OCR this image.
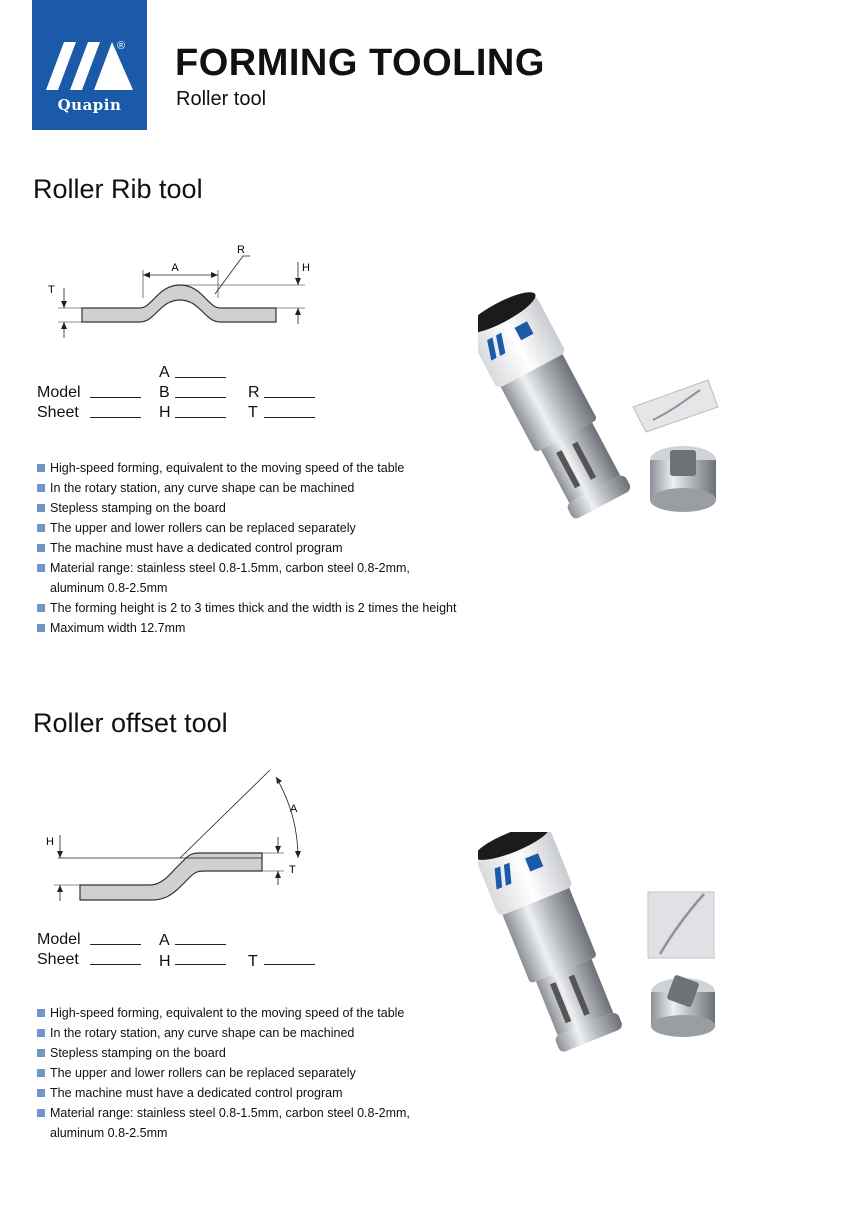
®
Quapin
FORMING TOOLING
Roller tool
Roller Rib tool
A
R
H
T
A
Model	B	R
Sheet	H	T
High-speed forming, equivalent to the moving speed of the table
In the rotary station, any curve shape can be machined
Stepless stamping on the board
The upper and lower rollers can be replaced separately
The machine must have a dedicated control program
Material range: stainless steel 0.8-1.5mm, carbon steel 0.8-2mm,
aluminum 0.8-2.5mm
The forming height is 2 to 3 times thick and the width is 2 times the height
Maximum width 12.7mm
Roller offset tool
A
H
T
Model	A
Sheet	H	T
High-speed forming, equivalent to the moving speed of the table
In the rotary station, any curve shape can be machined
Stepless stamping on the board
The upper and lower rollers can be replaced separately
The machine must have a dedicated control program
Material range: stainless steel 0.8-1.5mm, carbon steel 0.8-2mm,
aluminum 0.8-2.5mm
